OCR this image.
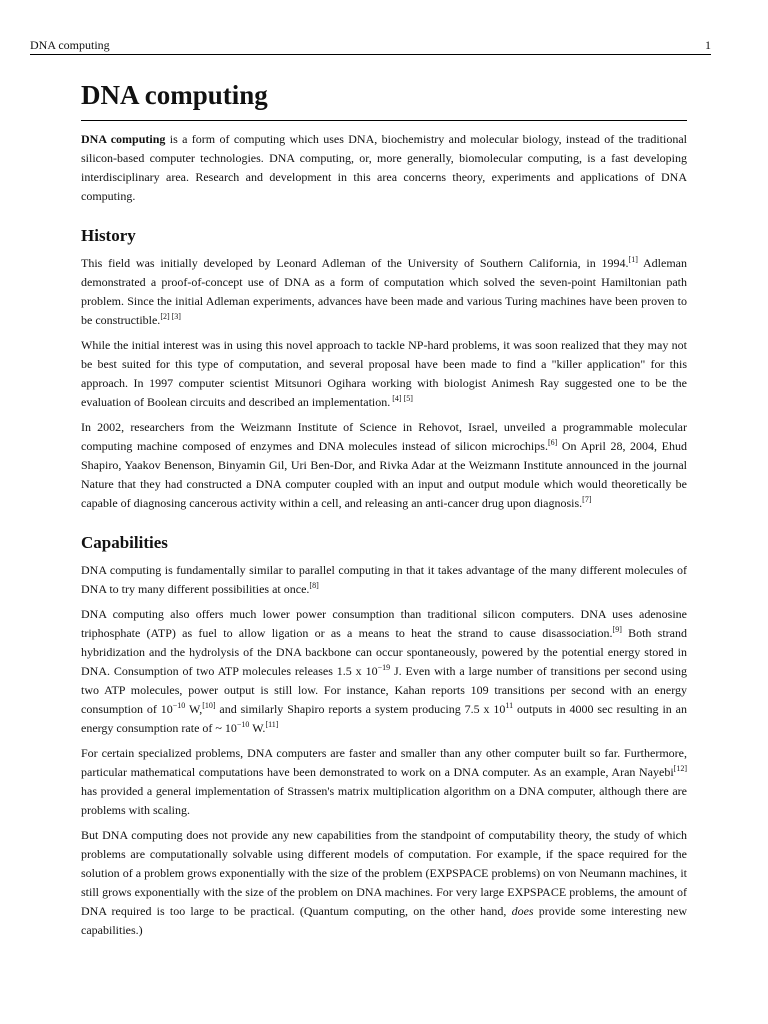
DNA computing	1
DNA computing

DNA computing is a form of computing which uses DNA, biochemistry and molecular biology, instead of the traditional silicon-based computer technologies. DNA computing, or, more generally, biomolecular computing, is a fast developing interdisciplinary area. Research and development in this area concerns theory, experiments and applications of DNA computing.

History

This field was initially developed by Leonard Adleman of the University of Southern California, in 1994.[1] Adleman demonstrated a proof-of-concept use of DNA as a form of computation which solved the seven-point Hamiltonian path problem. Since the initial Adleman experiments, advances have been made and various Turing machines have been proven to be constructible.[2] [3]

While the initial interest was in using this novel approach to tackle NP-hard problems, it was soon realized that they may not be best suited for this type of computation, and several proposal have been made to find a "killer application" for this approach. In 1997 computer scientist Mitsunori Ogihara working with biologist Animesh Ray suggested one to be the evaluation of Boolean circuits and described an implementation. [4] [5]

In 2002, researchers from the Weizmann Institute of Science in Rehovot, Israel, unveiled a programmable molecular computing machine composed of enzymes and DNA molecules instead of silicon microchips.[6] On April 28, 2004, Ehud Shapiro, Yaakov Benenson, Binyamin Gil, Uri Ben-Dor, and Rivka Adar at the Weizmann Institute announced in the journal Nature that they had constructed a DNA computer coupled with an input and output module which would theoretically be capable of diagnosing cancerous activity within a cell, and releasing an anti-cancer drug upon diagnosis.[7]

Capabilities

DNA computing is fundamentally similar to parallel computing in that it takes advantage of the many different molecules of DNA to try many different possibilities at once.[8]

DNA computing also offers much lower power consumption than traditional silicon computers. DNA uses adenosine triphosphate (ATP) as fuel to allow ligation or as a means to heat the strand to cause disassociation.[9] Both strand hybridization and the hydrolysis of the DNA backbone can occur spontaneously, powered by the potential energy stored in DNA. Consumption of two ATP molecules releases 1.5 x $10^{-19}$ J. Even with a large number of transitions per second using two ATP molecules, power output is still low. For instance, Kahan reports 109 transitions per second with an energy consumption of $10^{-10}$ W,[10] and similarly Shapiro reports a system producing 7.5 x $10^{11}$ outputs in 4000 sec resulting in an energy consumption rate of ~ $10^{-10}$ W.[11]

For certain specialized problems, DNA computers are faster and smaller than any other computer built so far. Furthermore, particular mathematical computations have been demonstrated to work on a DNA computer. As an example, Aran Nayebi[12] has provided a general implementation of Strassen's matrix multiplication algorithm on a DNA computer, although there are problems with scaling.

But DNA computing does not provide any new capabilities from the standpoint of computability theory, the study of which problems are computationally solvable using different models of computation. For example, if the space required for the solution of a problem grows exponentially with the size of the problem (EXPSPACE problems) on von Neumann machines, it still grows exponentially with the size of the problem on DNA machines. For very large EXPSPACE problems, the amount of DNA required is too large to be practical. (Quantum computing, on the other hand, does provide some interesting new capabilities.)
